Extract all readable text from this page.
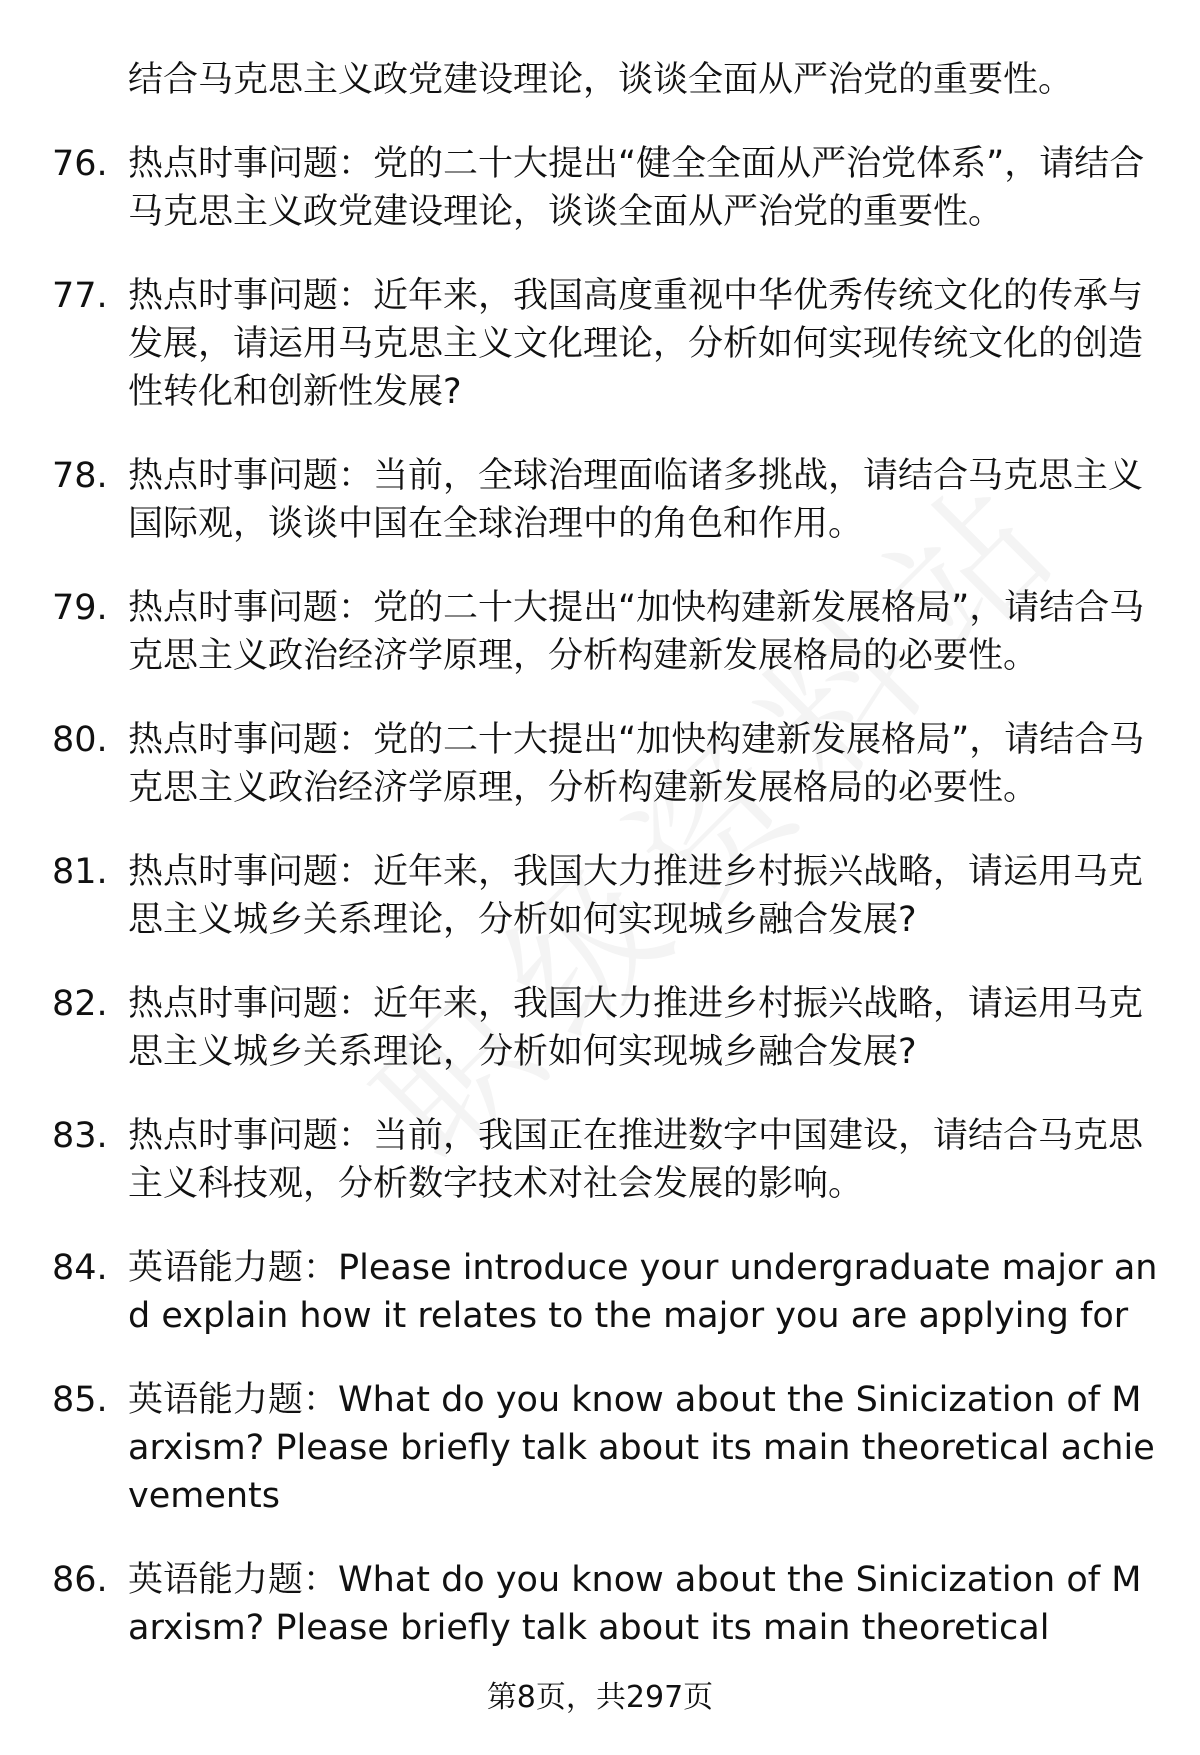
结合马克思主义政党建设理论，谈谈全面从严治党的重要性。
76. 热点时事问题：党的二十大提出“健全全面从严治党体系”，请结合马克思主义政党建设理论，谈谈全面从严治党的重要性。
77. 热点时事问题：近年来，我国高度重视中华优秀传统文化的传承与发展，请运用马克思主义文化理论，分析如何实现传统文化的创造性转化和创新性发展?
78. 热点时事问题：当前，全球治理面临诸多挑战，请结合马克思主义国际观，谈谈中国在全球治理中的角色和作用。
79. 热点时事问题：党的二十大提出“加快构建新发展格局”，请结合马克思主义政治经济学原理，分析构建新发展格局的必要性。
80. 热点时事问题：党的二十大提出“加快构建新发展格局”，请结合马克思主义政治经济学原理，分析构建新发展格局的必要性。
81. 热点时事问题：近年来，我国大力推进乡村振兴战略，请运用马克思主义城乡关系理论，分析如何实现城乡融合发展?
82. 热点时事问题：近年来，我国大力推进乡村振兴战略，请运用马克思主义城乡关系理论，分析如何实现城乡融合发展?
83. 热点时事问题：当前，我国正在推进数字中国建设，请结合马克思主义科技观，分析数字技术对社会发展的影响。
84. 英语能力题：Please introduce your undergraduate major and explain how it relates to the major you are applying for
85. 英语能力题：What do you know about the Sinicization of Marxism? Please briefly talk about its main theoretical achievements
86. 英语能力题：What do you know about the Sinicization of Marxism? Please briefly talk about its main theoretical
第8页，共297页
